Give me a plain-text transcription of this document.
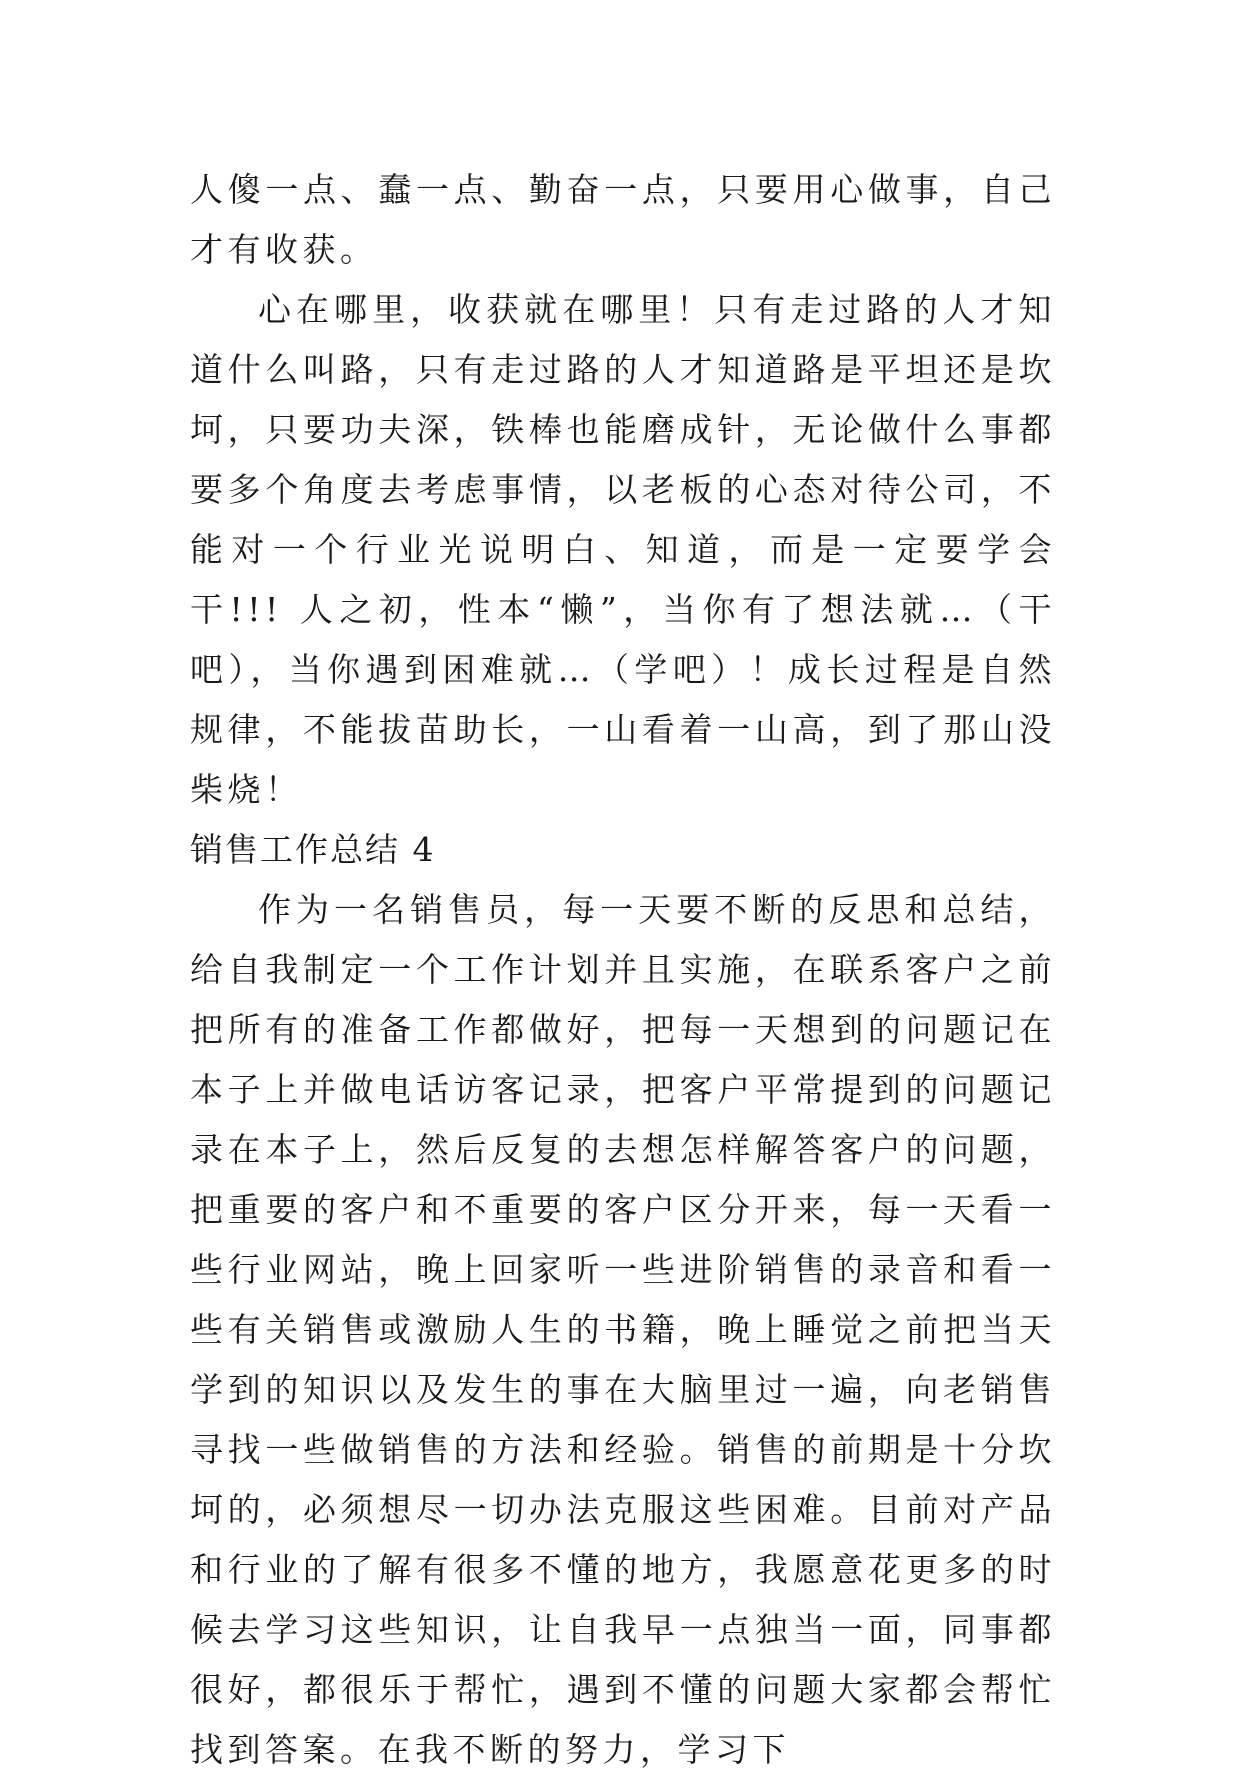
人傻一点、蠢一点、勤奋一点，只要用心做事，自己才有收获。

心在哪里，收获就在哪里！只有走过路的人才知道什么叫路，只有走过路的人才知道路是平坦还是坎坷，只要功夫深，铁棒也能磨成针，无论做什么事都要多个角度去考虑事情，以老板的心态对待公司，不能对一个行业光说明白、知道，而是一定要学会干!!! 人之初，性本“懒”，当你有了想法就…（干吧），当你遇到困难就…（学吧）！成长过程是自然规律，不能拔苗助长，一山看着一山高，到了那山没柴烧！

销售工作总结 4

作为一名销售员，每一天要不断的反思和总结，给自我制定一个工作计划并且实施，在联系客户之前把所有的准备工作都做好，把每一天想到的问题记在本子上并做电话访客记录，把客户平常提到的问题记录在本子上，然后反复的去想怎样解答客户的问题，把重要的客户和不重要的客户区分开来，每一天看一些行业网站，晚上回家听一些进阶销售的录音和看一些有关销售或激励人生的书籍，晚上睡觉之前把当天学到的知识以及发生的事在大脑里过一遍，向老销售寻找一些做销售的方法和经验。销售的前期是十分坎坷的，必须想尽一切办法克服这些困难。目前对产品和行业的了解有很多不懂的地方，我愿意花更多的时候去学习这些知识，让自我早一点独当一面，同事都很好，都很乐于帮忙，遇到不懂的问题大家都会帮忙找到答案。在我不断的努力，学习下
